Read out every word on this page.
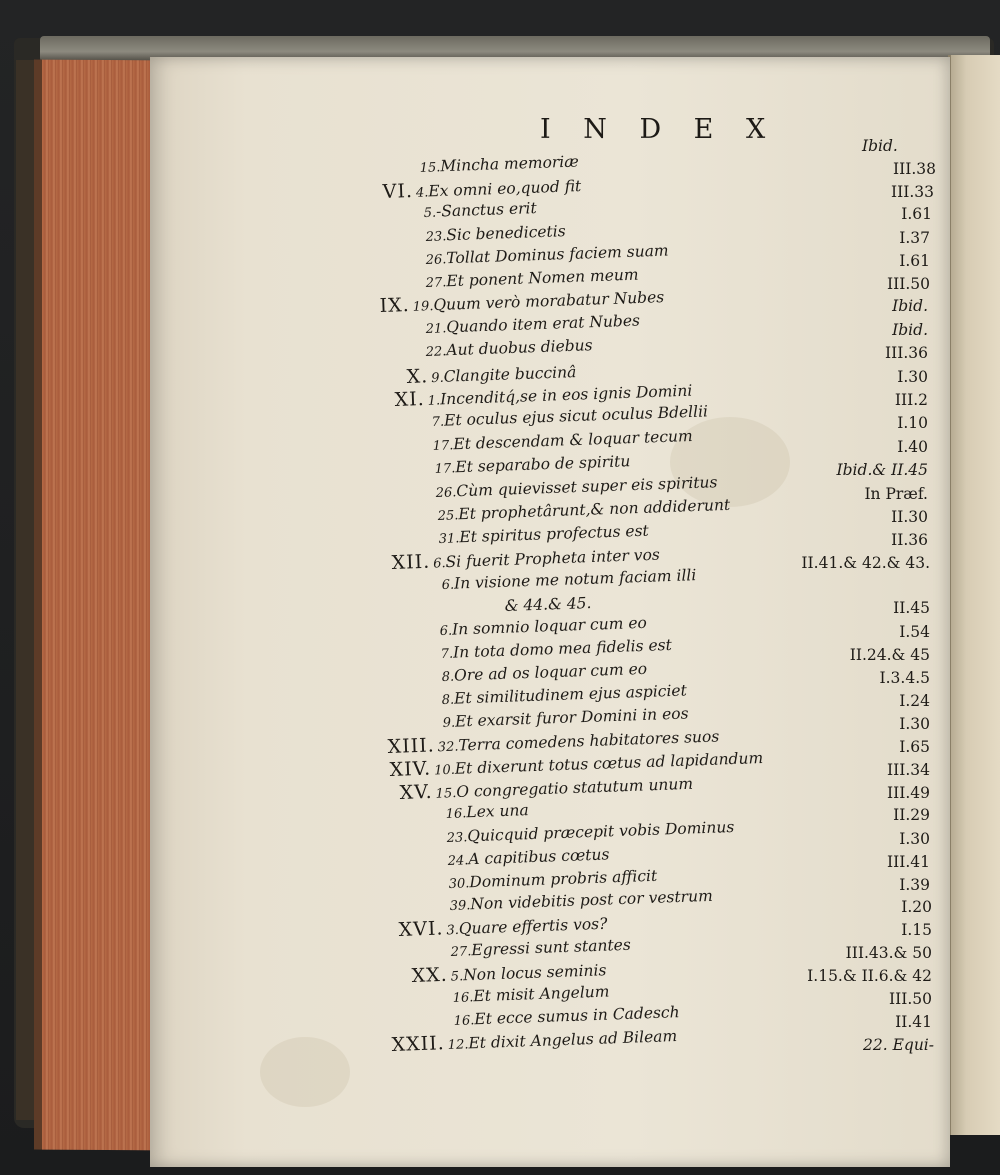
I N D E X
Ibid.
15.Mincha memoriæ	III.38
VI. 4.Ex omni eo,quod fit	III.33
5.-Sanctus erit	I.61
23.Sic benedicetis	I.37
26.Tollat Dominus faciem suam	I.61
27.Et ponent Nomen meum	III.50
IX. 19.Quum verò morabatur Nubes	Ibid.
21.Quando item erat Nubes	Ibid.
22.Aut duobus diebus	III.36
X. 9.Clangite buccinâ	I.30
XI. 1.Incenditq́,se in eos ignis Domini	III.2
7.Et oculus ejus sicut oculus Bdellii	I.10
17.Et descendam & loquar tecum	I.40
17.Et separabo de spiritu	Ibid.& II.45
26.Cùm quievisset super eis spiritus	In Præf.
25.Et prophetârunt,& non addiderunt	II.30
31.Et spiritus profectus est	II.36
XII. 6.Si fuerit Propheta inter vos	II.41.& 42.& 43.
6.In visione me notum faciam illi
& 44.& 45.	II.45
6.In somnio loquar cum eo	I.54
7.In tota domo mea fidelis est	II.24.& 45
8.Ore ad os loquar cum eo	I.3.4.5
8.Et similitudinem ejus aspiciet	I.24
9.Et exarsit furor Domini in eos	I.30
XIII. 32.Terra comedens habitatores suos	I.65
XIV. 10.Et dixerunt totus cœtus ad lapidandum	III.34
XV. 15.O congregatio statutum unum	III.49
16.Lex una	II.29
23.Quicquid præcepit vobis Dominus	I.30
24.A capitibus cœtus	III.41
30.Dominum probris afficit	I.39
39.Non videbitis post cor vestrum	I.20
XVI. 3.Quare effertis vos?	I.15
27.Egressi sunt stantes	III.43.& 50
XX. 5.Non locus seminis	I.15.& II.6.& 42
16.Et misit Angelum	III.50
16.Et ecce sumus in Cadesch	II.41
XXII. 12.Et dixit Angelus ad Bileam	22. Equi-
